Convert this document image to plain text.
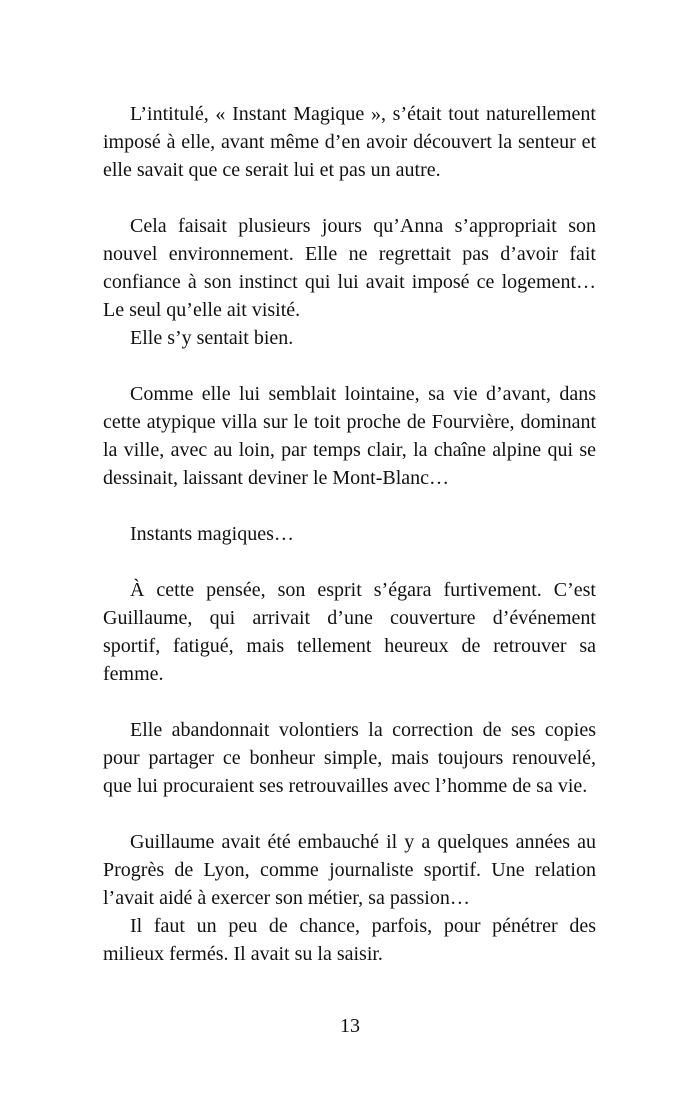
L’intitulé, « Instant Magique », s’était tout naturellement imposé à elle, avant même d’en avoir découvert la senteur et elle savait que ce serait lui et pas un autre.

Cela faisait plusieurs jours qu’Anna s’appropriait son nouvel environnement. Elle ne regrettait pas d’avoir fait confiance à son instinct qui lui avait imposé ce logement… Le seul qu’elle ait visité.

Elle s’y sentait bien.

Comme elle lui semblait lointaine, sa vie d’avant, dans cette atypique villa sur le toit proche de Fourvière, dominant la ville, avec au loin, par temps clair, la chaîne alpine qui se dessinait, laissant deviner le Mont-Blanc…

Instants magiques…

À cette pensée, son esprit s’égara furtivement. C’est Guillaume, qui arrivait d’une couverture d’événement sportif, fatigué, mais tellement heureux de retrouver sa femme.

Elle abandonnait volontiers la correction de ses copies pour partager ce bonheur simple, mais toujours renouvelé, que lui procuraient ses retrouvailles avec l’homme de sa vie.

Guillaume avait été embauché il y a quelques années au Progrès de Lyon, comme journaliste sportif. Une relation l’avait aidé à exercer son métier, sa passion…

Il faut un peu de chance, parfois, pour pénétrer des milieux fermés. Il avait su la saisir.

13
